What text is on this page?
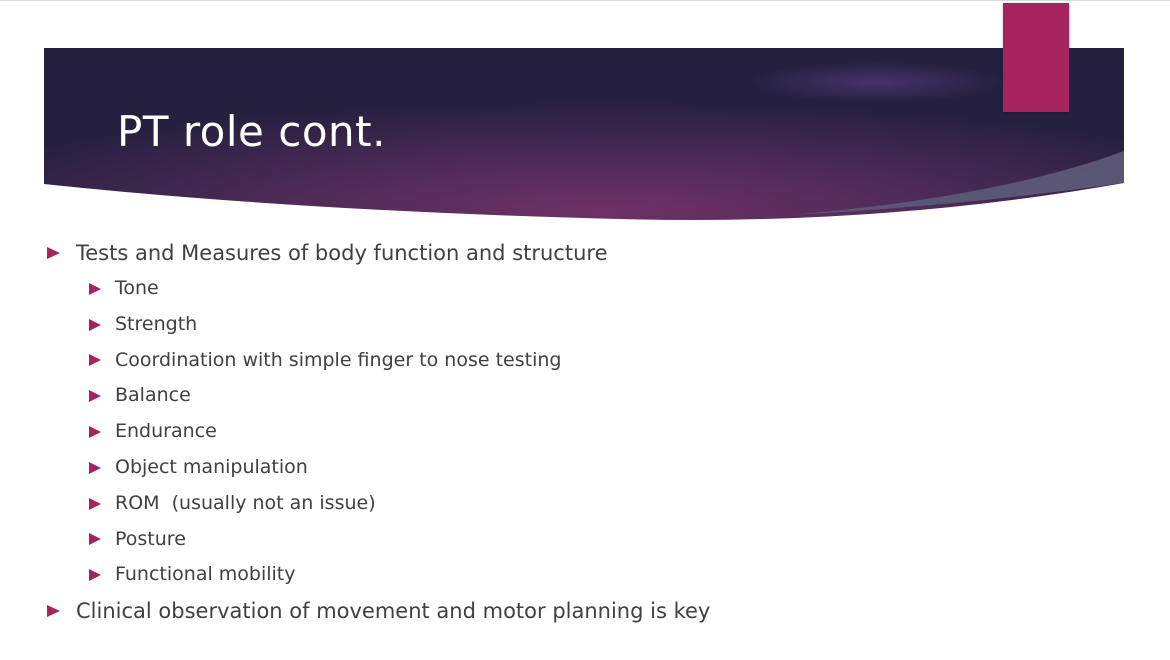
PT role cont.
Tests and Measures of body function and structure
Tone
Strength
Coordination with simple finger to nose testing
Balance
Endurance
Object manipulation
ROM  (usually not an issue)
Posture
Functional mobility
Clinical observation of movement and motor planning is key
